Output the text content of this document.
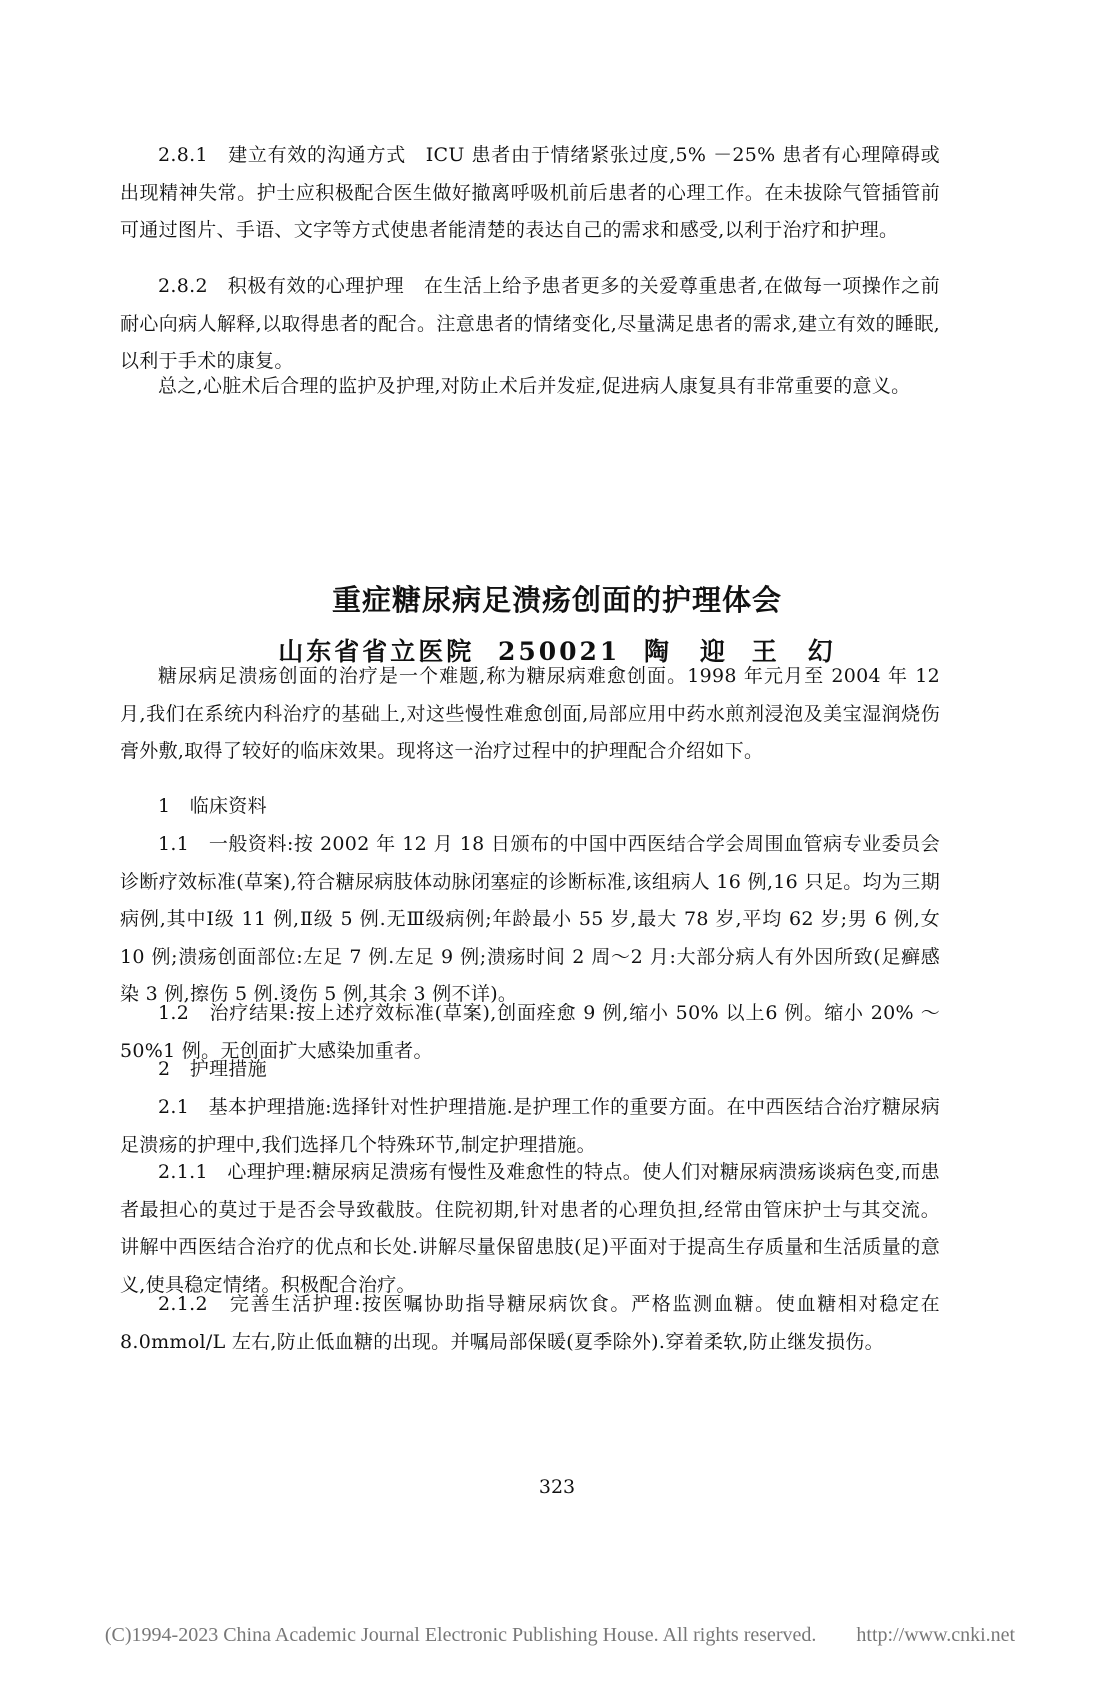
2.8.1　建立有效的沟通方式　ICU 患者由于情绪紧张过度,5% －25% 患者有心理障碍或出现精神失常。护士应积极配合医生做好撤离呼吸机前后患者的心理工作。在未拔除气管插管前可通过图片、手语、文字等方式使患者能清楚的表达自己的需求和感受,以利于治疗和护理。

2.8.2　积极有效的心理护理　在生活上给予患者更多的关爱尊重患者,在做每一项操作之前耐心向病人解释,以取得患者的配合。注意患者的情绪变化,尽量满足患者的需求,建立有效的睡眠,以利于手术的康复。

总之,心脏术后合理的监护及护理,对防止术后并发症,促进病人康复具有非常重要的意义。

重症糖尿病足溃疡创面的护理体会
山东省省立医院 250021 陶　迎 王　幻

糖尿病足溃疡创面的治疗是一个难题,称为糖尿病难愈创面。1998 年元月至 2004 年 12 月,我们在系统内科治疗的基础上,对这些慢性难愈创面,局部应用中药水煎剂浸泡及美宝湿润烧伤膏外敷,取得了较好的临床效果。现将这一治疗过程中的护理配合介绍如下。

1　临床资料

1.1　一般资料:按 2002 年 12 月 18 日颁布的中国中西医结合学会周围血管病专业委员会诊断疗效标准(草案),符合糖尿病肢体动脉闭塞症的诊断标准,该组病人 16 例,16 只足。均为三期病例,其中Ⅰ级 11 例,Ⅱ级 5 例.无Ⅲ级病例;年龄最小 55 岁,最大 78 岁,平均 62 岁;男 6 例,女 10 例;溃疡创面部位:左足 7 例.左足 9 例;溃疡时间 2 周～2 月:大部分病人有外因所致(足癣感染 3 例,擦伤 5 例.烫伤 5 例,其余 3 例不详)。

1.2　治疗结果:按上述疗效标准(草案),创面痊愈 9 例,缩小 50% 以上6 例。缩小 20% ～50%1 例。无创面扩大感染加重者。

2　护理措施

2.1　基本护理措施:选择针对性护理措施.是护理工作的重要方面。在中西医结合治疗糖尿病足溃疡的护理中,我们选择几个特殊环节,制定护理措施。

2.1.1　心理护理:糖尿病足溃疡有慢性及难愈性的特点。使人们对糖尿病溃疡谈病色变,而患者最担心的莫过于是否会导致截肢。住院初期,针对患者的心理负担,经常由管床护士与其交流。讲解中西医结合治疗的优点和长处.讲解尽量保留患肢(足)平面对于提高生存质量和生活质量的意义,使具稳定情绪。积极配合治疗。

2.1.2　完善生活护理:按医嘱协助指导糖尿病饮食。严格监测血糖。使血糖相对稳定在 8.0mmol/L 左右,防止低血糖的出现。并嘱局部保暖(夏季除外).穿着柔软,防止继发损伤。

323
(C)1994-2023 China Academic Journal Electronic Publishing House. All rights reserved.　　http://www.cnki.net
